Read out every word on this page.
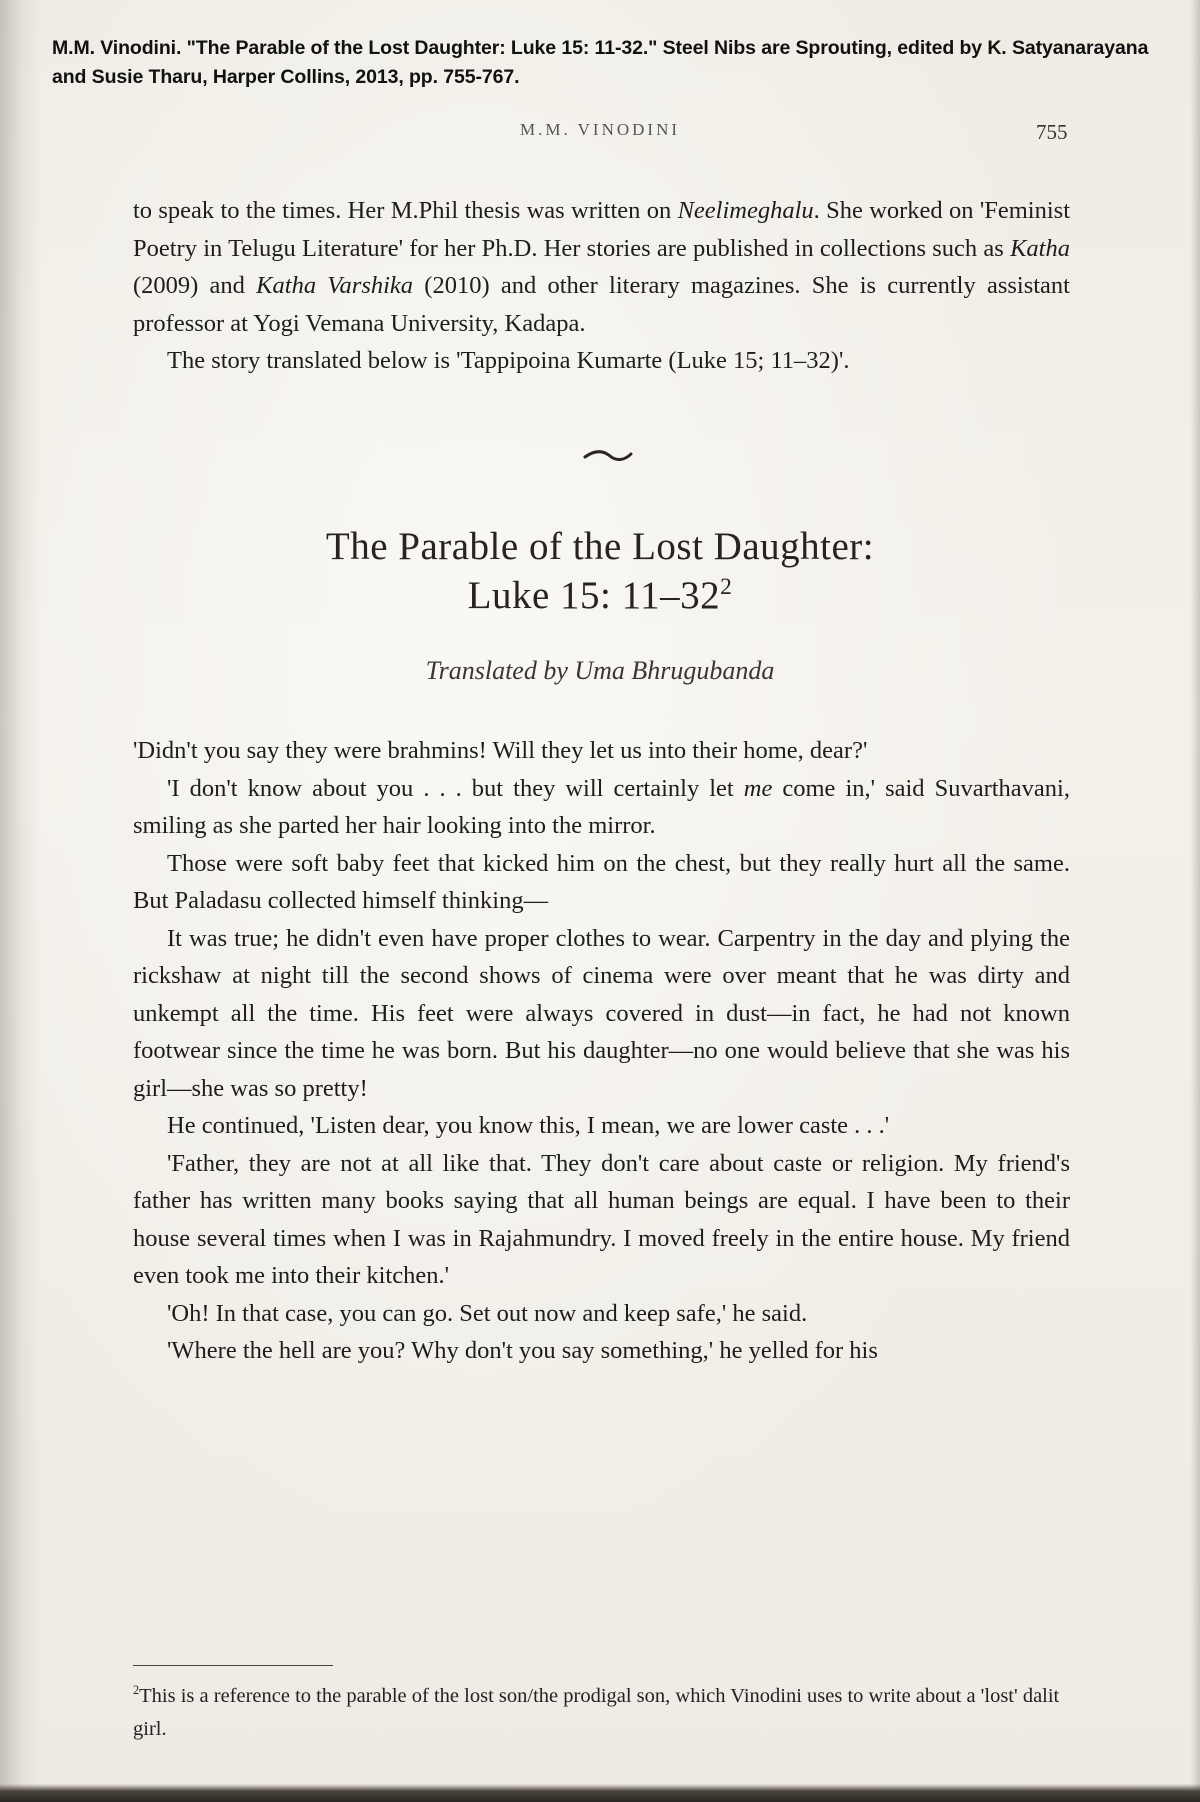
M.M. Vinodini. "The Parable of the Lost Daughter: Luke 15: 11-32." Steel Nibs are Sprouting, edited by K. Satyanarayana and Susie Tharu, Harper Collins, 2013, pp. 755-767.
M.M. VINODINI	755

to speak to the times. Her M.Phil thesis was written on Neelimeghalu. She worked on 'Feminist Poetry in Telugu Literature' for her Ph.D. Her stories are published in collections such as Katha (2009) and Katha Varshika (2010) and other literary magazines. She is currently assistant professor at Yogi Vemana University, Kadapa.

The story translated below is 'Tappipoina Kumarte (Luke 15; 11–32)'.

The Parable of the Lost Daughter:
Luke 15: $11-32^2$
Translated by Uma Bhrugubanda

'Didn't you say they were brahmins! Will they let us into their home, dear?'

'I don't know about you . . . but they will certainly let me come in,' said Suvarthavani, smiling as she parted her hair looking into the mirror.

Those were soft baby feet that kicked him on the chest, but they really hurt all the same. But Paladasu collected himself thinking—

It was true; he didn't even have proper clothes to wear. Carpentry in the day and plying the rickshaw at night till the second shows of cinema were over meant that he was dirty and unkempt all the time. His feet were always covered in dust—in fact, he had not known footwear since the time he was born. But his daughter—no one would believe that she was his girl—she was so pretty!

He continued, 'Listen dear, you know this, I mean, we are lower caste . . .'

'Father, they are not at all like that. They don't care about caste or religion. My friend's father has written many books saying that all human beings are equal. I have been to their house several times when I was in Rajahmundry. I moved freely in the entire house. My friend even took me into their kitchen.'

'Oh! In that case, you can go. Set out now and keep safe,' he said.

'Where the hell are you? Why don't you say something,' he yelled for his

$^2$This is a reference to the parable of the lost son/the prodigal son, which Vinodini uses to write about a 'lost' dalit girl.
